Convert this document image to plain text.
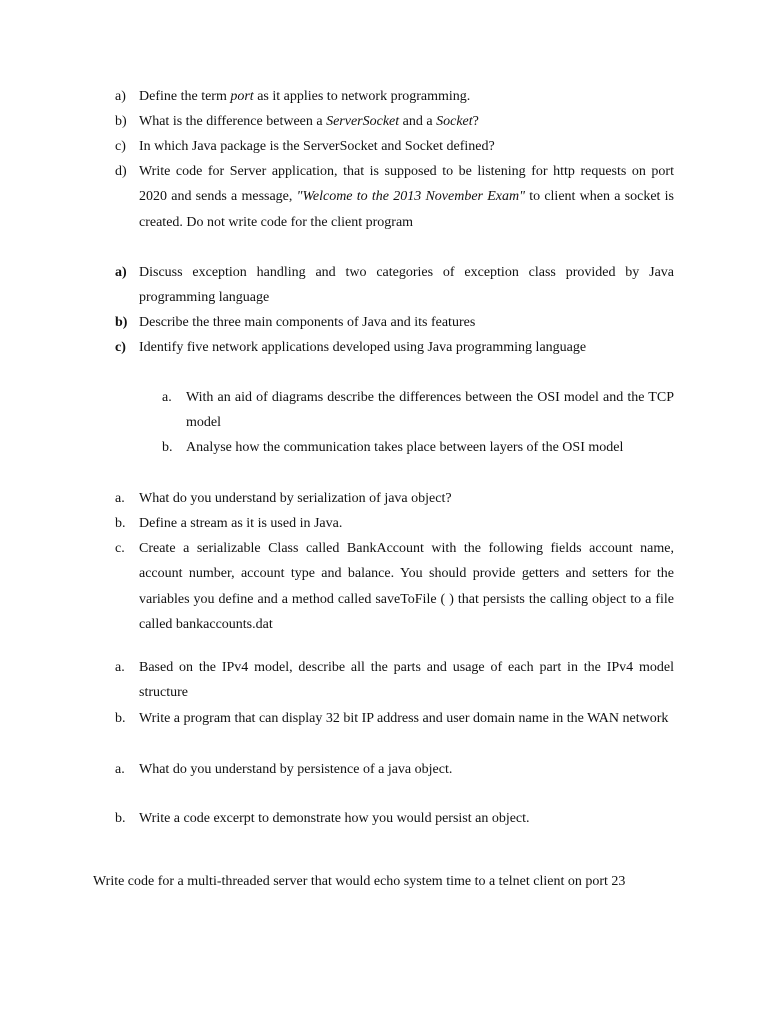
a) Define the term port as it applies to network programming.
b) What is the difference between a ServerSocket and a Socket?
c) In which Java package is the ServerSocket and Socket defined?
d) Write code for Server application, that is supposed to be listening for http requests on port 2020 and sends a message, "Welcome to the 2013 November Exam" to client when a socket is created. Do not write code for the client program
a) Discuss exception handling and two categories of exception class provided by Java programming language
b) Describe the three main components of Java and its features
c) Identify five network applications developed using Java programming language
a.	With an aid of diagrams describe the differences between the OSI model and the TCP model
b. Analyse how the communication takes place between layers of the OSI model
a.	What do you understand by serialization of java object?
b. Define a stream as it is used in Java.
c.	Create a serializable Class called BankAccount with the following fields account name, account number, account type and balance. You should provide getters and setters for the variables you define and a method called saveToFile ( ) that persists the calling object to a file called bankaccounts.dat
a.	Based on the IPv4 model, describe all the parts and usage of each part in the IPv4 model structure
b. Write a program that can display 32 bit IP address and user domain name in the WAN network
a.	What do you understand by persistence of a java object.
b. Write a code excerpt to demonstrate how you would persist an object.
Write code for a multi-threaded server that would echo system time to a telnet client on port 23
